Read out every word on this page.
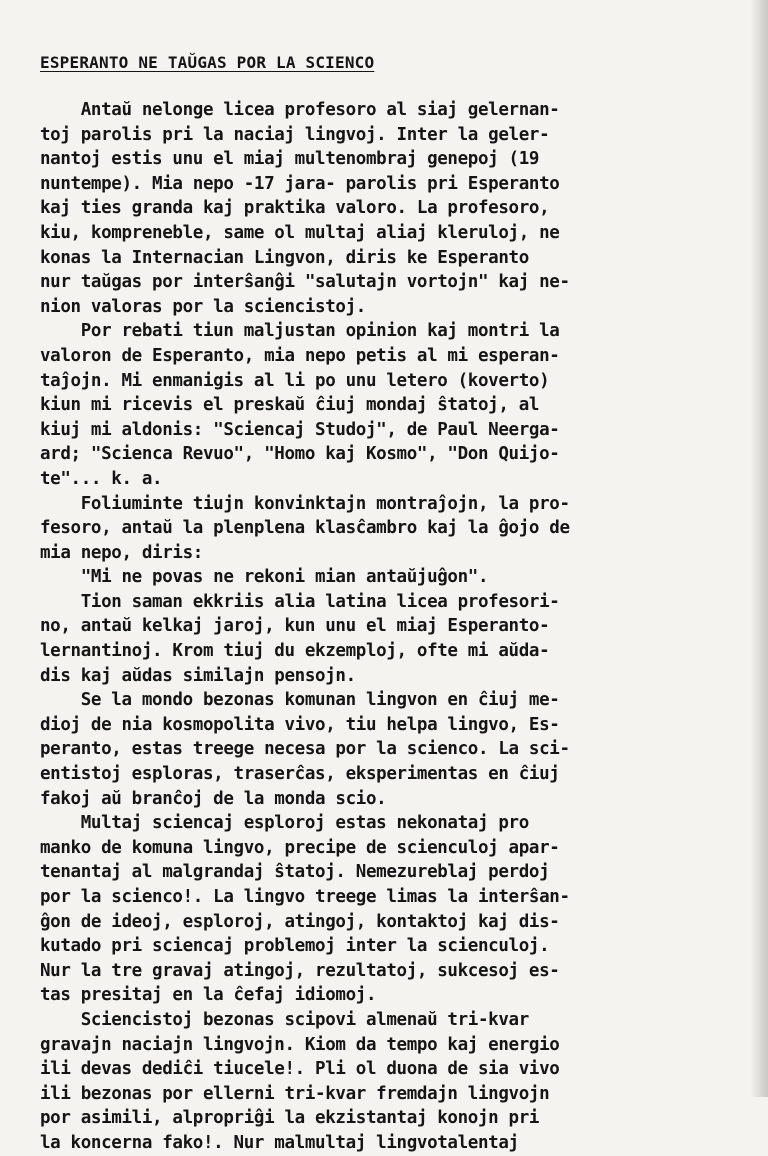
ESPERANTO NE TAŬGAS POR LA SCIENCO
Antaŭ nelonge licea profesoro al siaj gelernan-
toj parolis pri la naciaj lingvoj. Inter la geler-
nantoj estis unu el miaj multenombraj genepoj (19
nuntempe). Mia nepo -17 jara- parolis pri Esperanto
kaj ties granda kaj praktika valoro. La profesoro,
kiu, kompreneble, same ol multaj aliaj kleruloj, ne
konas la Internacian Lingvon, diris ke Esperanto
nur taŭgas por interŝanĝi "salutajn vortojn" kaj ne-
nion valoras por la sciencistoj.
Por rebati tiun maljustan opinion kaj montri la
valoron de Esperanto, mia nepo petis al mi esperan-
taĵojn. Mi enmanigis al li po unu letero (koverto)
kiun mi ricevis el preskaŭ ĉiuj mondaj ŝtatoj, al
kiuj mi aldonis: "Sciencaj Studoj", de Paul Neerga-
ard; "Scienca Revuo", "Homo kaj Kosmo", "Don Quijo-
te"... k. a.
Foliuminte tiujn konvinktajn montraĵojn, la pro-
fesoro, antaŭ la plenplena klasĉambro kaj la ĝojo de
mia nepo, diris:
"Mi ne povas ne rekoni mian antaŭjuĝon".
Tion saman ekkriis alia latina licea profesori-
no, antaŭ kelkaj jaroj, kun unu el miaj Esperanto-
lernantinoj. Krom tiuj du ekzemploj, ofte mi aŭda-
dis kaj aŭdas similajn pensojn.
Se la mondo bezonas komunan lingvon en ĉiuj me-
dioj de nia kosmopolita vivo, tiu helpa lingvo, Es-
peranto, estas treege necesa por la scienco. La sci-
entistoj esploras, traserĉas, eksperimentas en ĉiuj
fakoj aŭ branĉoj de la monda scio.
Multaj sciencaj esploroj estas nekonataj pro
manko de komuna lingvo, precipe de scienculoj apar-
tenantaj al malgrandaj ŝtatoj. Nemezureblaj perdoj
por la scienco!. La lingvo treege limas la interŝan-
ĝon de ideoj, esploroj, atingoj, kontaktoj kaj dis-
kutado pri sciencaj problemoj inter la scienculoj.
Nur la tre gravaj atingoj, rezultatoj, sukcesoj es-
tas presitaj en la ĉefaj idiomoj.
Sciencistoj bezonas scipovi almenaŭ tri-kvar
gravajn naciajn lingvojn. Kiom da tempo kaj energio
ili devas dediĉi tiucele!. Pli ol duona de sia vivo
ili bezonas por ellerni tri-kvar fremdajn lingvojn
por asimili, alpropriĝi la ekzistantaj konojn pri
la koncerna fako!. Nur malmultaj lingvotalentaj
